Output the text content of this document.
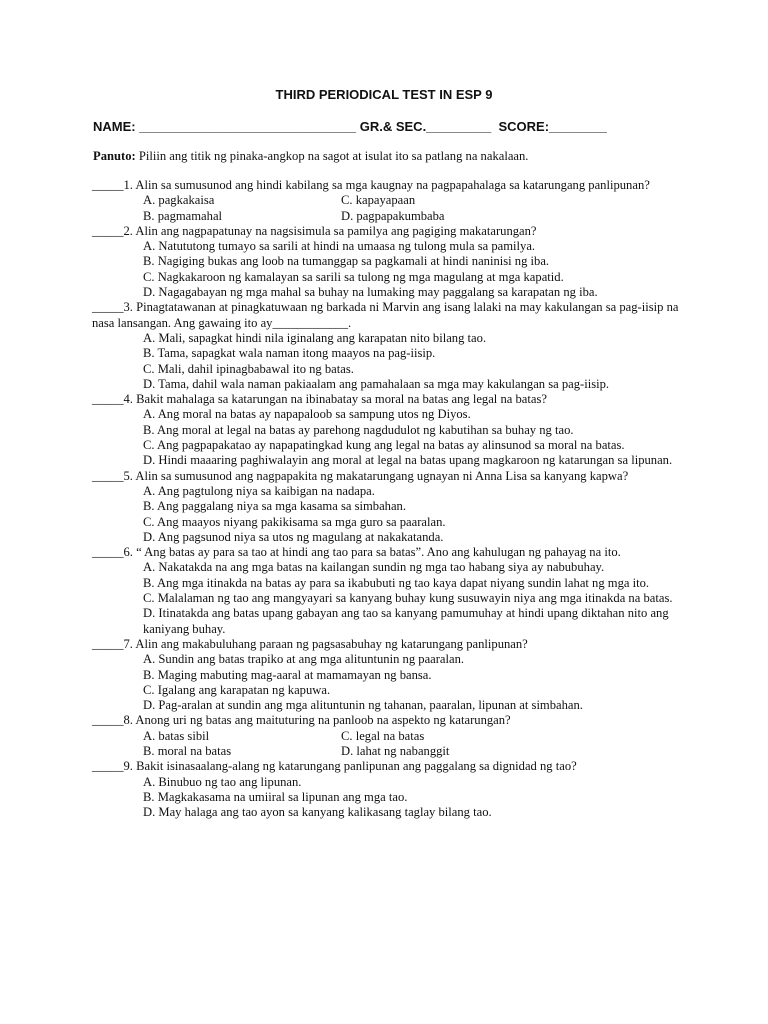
THIRD PERIODICAL TEST IN ESP 9
NAME: ______________________________ GR.& SEC._________  SCORE:________
Panuto: Piliin ang titik ng pinaka-angkop na sagot at isulat ito sa patlang na nakalaan.
_____1. Alin sa sumusunod ang hindi kabilang sa mga kaugnay na pagpapahalaga sa katarungang panlipunan?
A. pagkakaisa	C. kapayapaan
B. pagmamahal	D. pagpapakumbaba
_____2. Alin ang nagpapatunay na nagsisimula sa pamilya ang pagiging makatarungan?
A. Natututong tumayo sa sarili at hindi na umaasa ng tulong mula sa pamilya.
B. Nagiging bukas ang loob na tumanggap sa pagkamali at hindi naninisi ng iba.
C. Nagkakaroon ng kamalayan sa sarili sa tulong ng mga magulang at mga kapatid.
D. Nagagabayan ng mga mahal sa buhay na lumaking may paggalang sa karapatan ng iba.
_____3. Pinagtatawanan at pinagkatuwaan ng barkada ni Marvin ang isang lalaki na may kakulangan sa pag-iisip na nasa lansangan. Ang gawaing ito ay____________.
A. Mali, sapagkat hindi nila iginalang ang karapatan nito bilang tao.
B. Tama, sapagkat wala naman itong maayos na pag-iisip.
C. Mali, dahil ipinagbabawal ito ng batas.
D. Tama, dahil wala naman pakiaalam ang pamahalaan sa mga may kakulangan sa pag-iisip.
_____4. Bakit mahalaga sa katarungan na ibinabatay sa moral na batas ang legal na batas?
A. Ang moral na batas ay napapaloob sa sampung utos ng Diyos.
B. Ang moral at legal na batas ay parehong nagdudulot ng kabutihan sa buhay ng tao.
C. Ang pagpapakatao ay napapatingkad kung ang legal na batas ay alinsunod sa moral na batas.
D. Hindi maaaring paghiwalayin ang moral at legal na batas upang magkaroon ng katarungan sa lipunan.
_____5. Alin sa sumusunod ang nagpapakita ng makatarungang ugnayan ni Anna Lisa sa kanyang kapwa?
A. Ang pagtulong niya sa kaibigan na nadapa.
B. Ang paggalang niya sa mga kasama sa simbahan.
C. Ang maayos niyang pakikisama sa mga guro sa paaralan.
D. Ang pagsunod niya sa utos ng magulang at nakakatanda.
_____6. “ Ang batas ay para sa tao at hindi ang tao para sa batas”. Ano ang kahulugan ng pahayag na ito.
A. Nakatakda na ang mga batas na kailangan sundin ng mga tao habang siya ay nabubuhay.
B. Ang mga itinakda na batas ay para sa ikabubuti ng tao kaya dapat niyang sundin lahat ng mga ito.
C. Malalaman ng tao ang mangyayari sa kanyang buhay kung susuwayin niya ang mga itinakda na batas.
D. Itinatakda ang batas upang gabayan ang tao sa kanyang pamumuhay at hindi upang diktahan nito ang kaniyang buhay.
_____7. Alin ang makabuluhang paraan ng pagsasabuhay ng katarungang panlipunan?
A. Sundin ang batas trapiko at ang mga alituntunin ng paaralan.
B. Maging mabuting mag-aaral at mamamayan ng bansa.
C. Igalang ang karapatan ng kapuwa.
D. Pag-aralan at sundin ang mga alituntunin ng tahanan, paaralan, lipunan at simbahan.
_____8. Anong uri ng batas ang maituturing na panloob na aspekto ng katarungan?
A. batas sibil	C. legal na batas
B. moral na batas	D. lahat ng nabanggit
_____9. Bakit isinasaalang-alang ng katarungang panlipunan ang paggalang sa dignidad ng tao?
A. Binubuo ng tao ang lipunan.
B. Magkakasama na umiiral sa lipunan ang mga tao.
D. May halaga ang tao ayon sa kanyang kalikasang taglay bilang tao.
